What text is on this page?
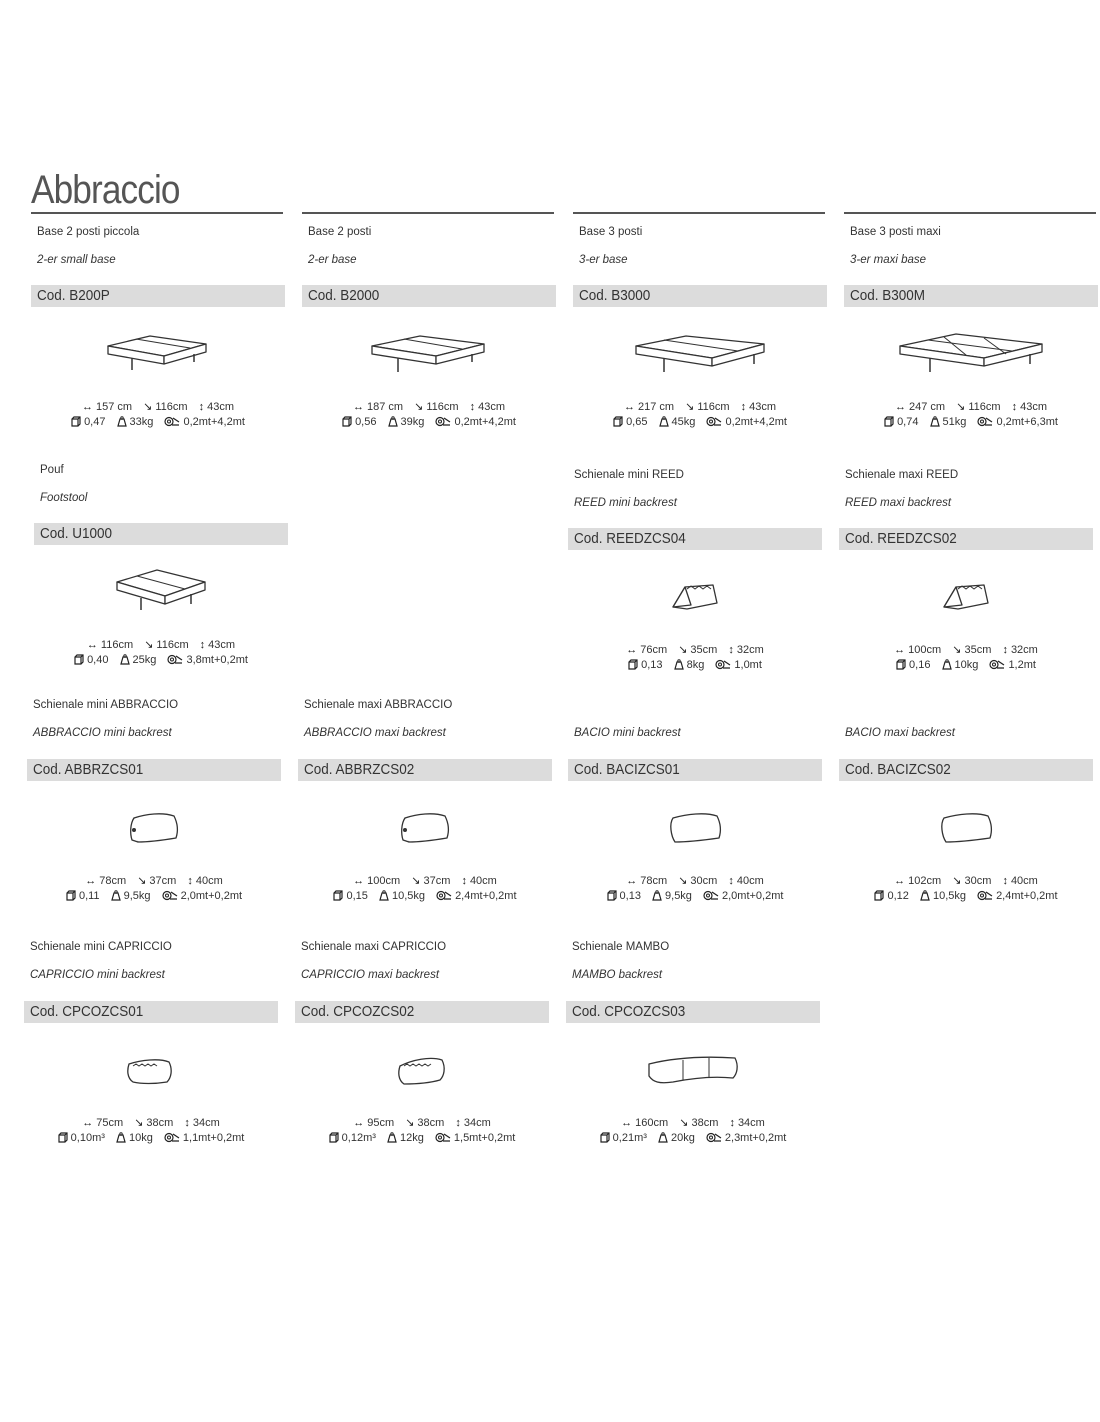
Abbraccio
Base 2 posti piccola
2-er small base
Cod. B200P
↔ 157 cm ↘ 116cm ↕ 43cm
0,47 33kg	0,2mt+4,2mt
Base 2 posti
2-er base
Cod. B2000
↔ 187 cm ↘ 116cm ↕ 43cm
0,56 39kg	0,2mt+4,2mt
Base 3 posti
3-er base
Cod. B3000
↔ 217 cm ↘ 116cm ↕ 43cm
0,65 45kg	0,2mt+4,2mt
Base 3 posti maxi
3-er maxi base
Cod. B300M
↔ 247 cm ↘ 116cm ↕ 43cm
0,74 51kg	0,2mt+6,3mt
Pouf
Footstool
Cod. U1000
↔ 116cm ↘ 116cm ↕ 43cm
0,40 25kg	3,8mt+0,2mt
Schienale mini REED
REED mini backrest
Cod. REEDZCS04
↔ 76cm ↘ 35cm ↕ 32cm
0,13 8kg	1,0mt
Schienale maxi REED
REED maxi backrest
Cod. REEDZCS02
↔ 100cm ↘ 35cm ↕ 32cm
0,16 10kg	1,2mt
Schienale mini ABBRACCIO
ABBRACCIO mini backrest
Cod. ABBRZCS01
↔ 78cm ↘ 37cm ↕ 40cm
0,11 9,5kg	2,0mt+0,2mt
Schienale maxi ABBRACCIO
ABBRACCIO maxi backrest
Cod. ABBRZCS02
↔ 100cm ↘ 37cm ↕ 40cm
0,15 10,5kg	2,4mt+0,2mt
BACIO mini backrest
Cod. BACIZCS01
↔ 78cm ↘ 30cm ↕ 40cm
0,13 9,5kg	2,0mt+0,2mt
BACIO maxi backrest
Cod. BACIZCS02
↔ 102cm ↘ 30cm ↕ 40cm
0,12 10,5kg	2,4mt+0,2mt
Schienale mini CAPRICCIO
CAPRICCIO mini backrest
Cod. CPCOZCS01
↔ 75cm ↘ 38cm ↕ 34cm
0,10m³ 10kg	1,1mt+0,2mt
Schienale maxi CAPRICCIO
CAPRICCIO maxi backrest
Cod. CPCOZCS02
↔ 95cm ↘ 38cm ↕ 34cm
0,12m³ 12kg	1,5mt+0,2mt
Schienale MAMBO
MAMBO backrest
Cod. CPCOZCS03
↔ 160cm ↘ 38cm ↕ 34cm
0,21m³ 20kg	2,3mt+0,2mt
